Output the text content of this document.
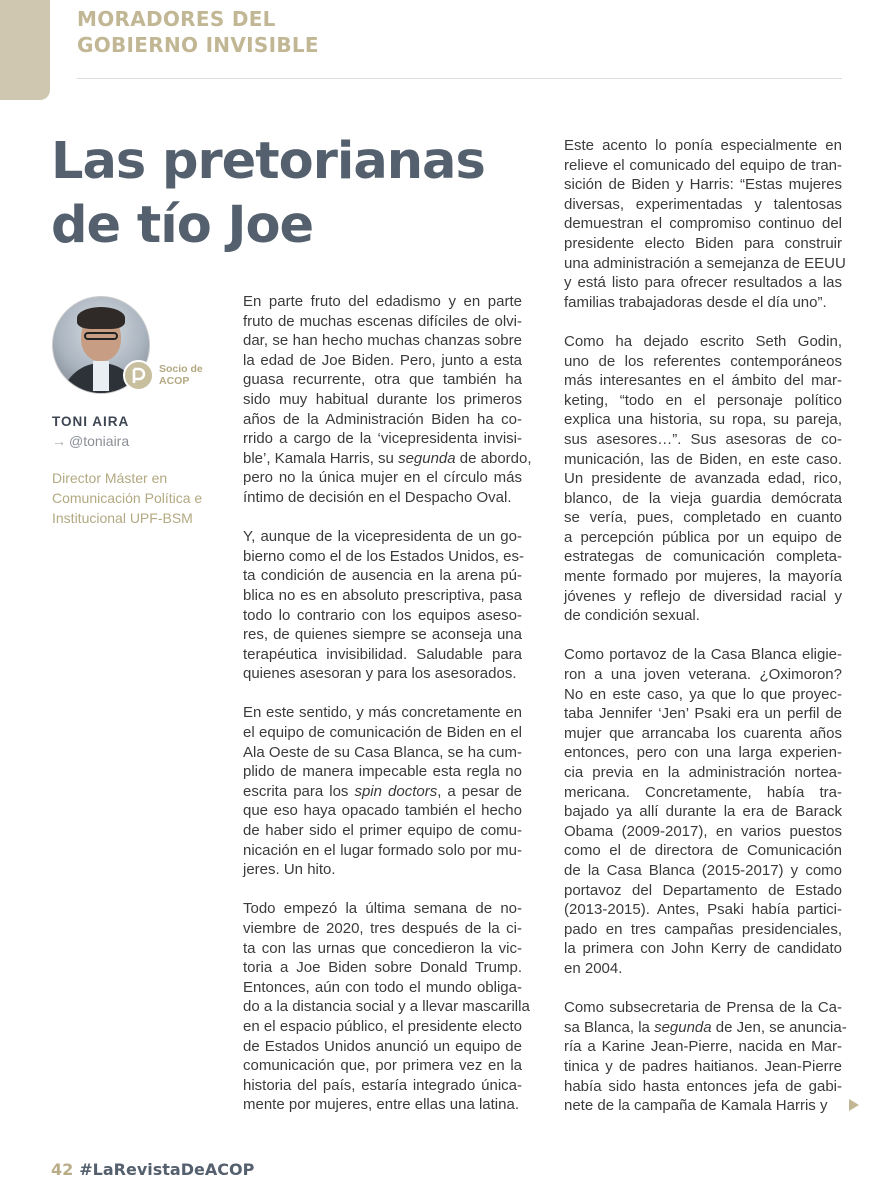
MORADORES DEL
GOBIERNO INVISIBLE
Las pretorianas
de tío Joe
Socio de
ACOP
TONI AIRA
→ @toniaira
Director Máster en
Comunicación Política e
Institucional UPF-BSM
En parte fruto del edadismo y en parte
fruto de muchas escenas difíciles de olvi-
dar, se han hecho muchas chanzas sobre
la edad de Joe Biden. Pero, junto a esta
guasa recurrente, otra que también ha
sido muy habitual durante los primeros
años de la Administración Biden ha co-
rrido a cargo de la ‘vicepresidenta invisi-
ble’, Kamala Harris, su segunda de abordo,
pero no la única mujer en el círculo más
íntimo de decisión en el Despacho Oval.
Y, aunque de la vicepresidenta de un go-
bierno como el de los Estados Unidos, es-
ta condición de ausencia en la arena pú-
blica no es en absoluto prescriptiva, pasa
todo lo contrario con los equipos aseso-
res, de quienes siempre se aconseja una
terapéutica invisibilidad. Saludable para
quienes asesoran y para los asesorados.
En este sentido, y más concretamente en
el equipo de comunicación de Biden en el
Ala Oeste de su Casa Blanca, se ha cum-
plido de manera impecable esta regla no
escrita para los spin doctors, a pesar de
que eso haya opacado también el hecho
de haber sido el primer equipo de comu-
nicación en el lugar formado solo por mu-
jeres. Un hito.
Todo empezó la última semana de no-
viembre de 2020, tres después de la ci-
ta con las urnas que concedieron la vic-
toria a Joe Biden sobre Donald Trump.
Entonces, aún con todo el mundo obliga-
do a la distancia social y a llevar mascarilla
en el espacio público, el presidente electo
de Estados Unidos anunció un equipo de
comunicación que, por primera vez en la
historia del país, estaría integrado única-
mente por mujeres, entre ellas una latina.
Este acento lo ponía especialmente en
relieve el comunicado del equipo de tran-
sición de Biden y Harris: “Estas mujeres
diversas, experimentadas y talentosas
demuestran el compromiso continuo del
presidente electo Biden para construir
una administración a semejanza de EEUU
y está listo para ofrecer resultados a las
familias trabajadoras desde el día uno”.
Como ha dejado escrito Seth Godin,
uno de los referentes contemporáneos
más interesantes en el ámbito del mar-
keting, “todo en el personaje político
explica una historia, su ropa, su pareja,
sus asesores…”. Sus asesoras de co-
municación, las de Biden, en este caso.
Un presidente de avanzada edad, rico,
blanco, de la vieja guardia demócrata
se vería, pues, completado en cuanto
a percepción pública por un equipo de
estrategas de comunicación completa-
mente formado por mujeres, la mayoría
jóvenes y reflejo de diversidad racial y
de condición sexual.
Como portavoz de la Casa Blanca eligie-
ron a una joven veterana. ¿Oximoron?
No en este caso, ya que lo que proyec-
taba Jennifer ‘Jen’ Psaki era un perfil de
mujer que arrancaba los cuarenta años
entonces, pero con una larga experien-
cia previa en la administración nortea-
mericana. Concretamente, había tra-
bajado ya allí durante la era de Barack
Obama (2009-2017), en varios puestos
como el de directora de Comunicación
de la Casa Blanca (2015-2017) y como
portavoz del Departamento de Estado
(2013-2015). Antes, Psaki había partici-
pado en tres campañas presidenciales,
la primera con John Kerry de candidato
en 2004.
Como subsecretaria de Prensa de la Ca-
sa Blanca, la segunda de Jen, se anuncia-
ría a Karine Jean-Pierre, nacida en Mar-
tinica y de padres haitianos. Jean-Pierre
había sido hasta entonces jefa de gabi-
nete de la campaña de Kamala Harris y
42 #LaRevistaDeACOP
